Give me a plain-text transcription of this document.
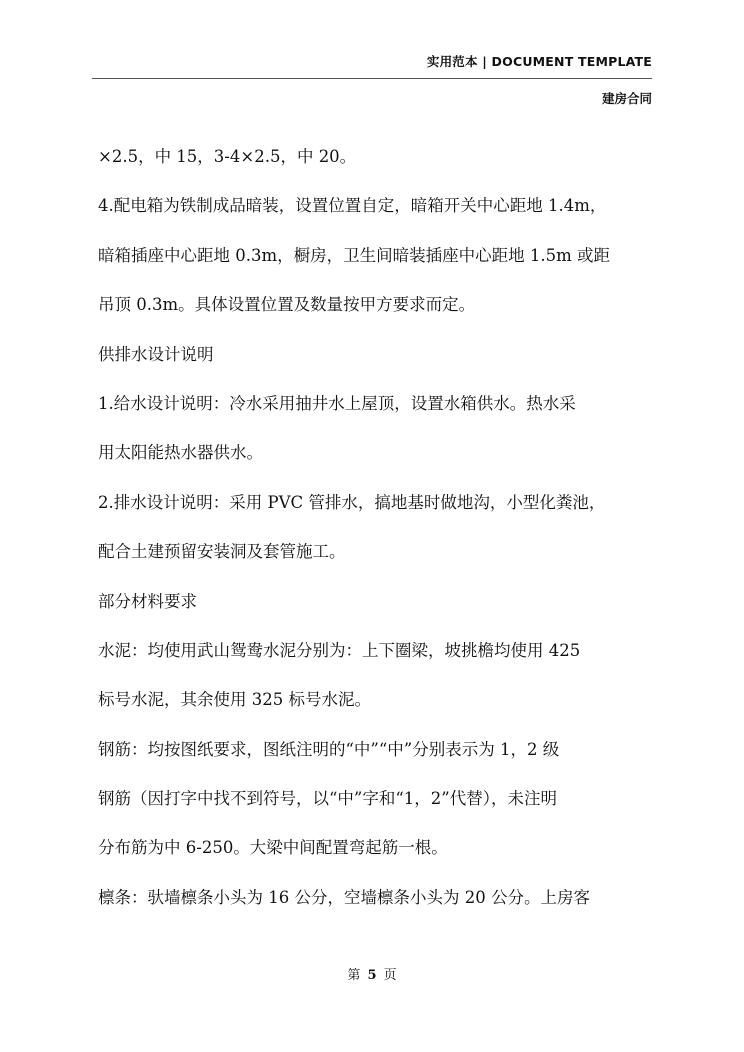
实用范本 | DOCUMENT TEMPLATE
建房合同
×2.5，中 15，3-4×2.5，中 20。
4.配电箱为铁制成品暗装，设置位置自定，暗箱开关中心距地 1.4m，
暗箱插座中心距地 0.3m，橱房，卫生间暗装插座中心距地 1.5m 或距
吊顶 0.3m。具体设置位置及数量按甲方要求而定。
供排水设计说明
1.给水设计说明：冷水采用抽井水上屋顶，设置水箱供水。热水采
用太阳能热水器供水。
2.排水设计说明：采用 PVC 管排水，搞地基时做地沟，小型化粪池，
配合土建预留安装洞及套管施工。
部分材料要求
水泥：均使用武山鸳鸯水泥分别为：上下圈梁，坡挑檐均使用 425
标号水泥，其余使用 325 标号水泥。
钢筋：均按图纸要求，图纸注明的“中”“中”分别表示为 1，2 级
钢筋（因打字中找不到符号，以“中”字和“1，2”代替），未注明
分布筋为中 6-250。大梁中间配置弯起筋一根。
檩条：驮墙檩条小头为 16 公分，空墙檩条小头为 20 公分。上房客
第 5 页
